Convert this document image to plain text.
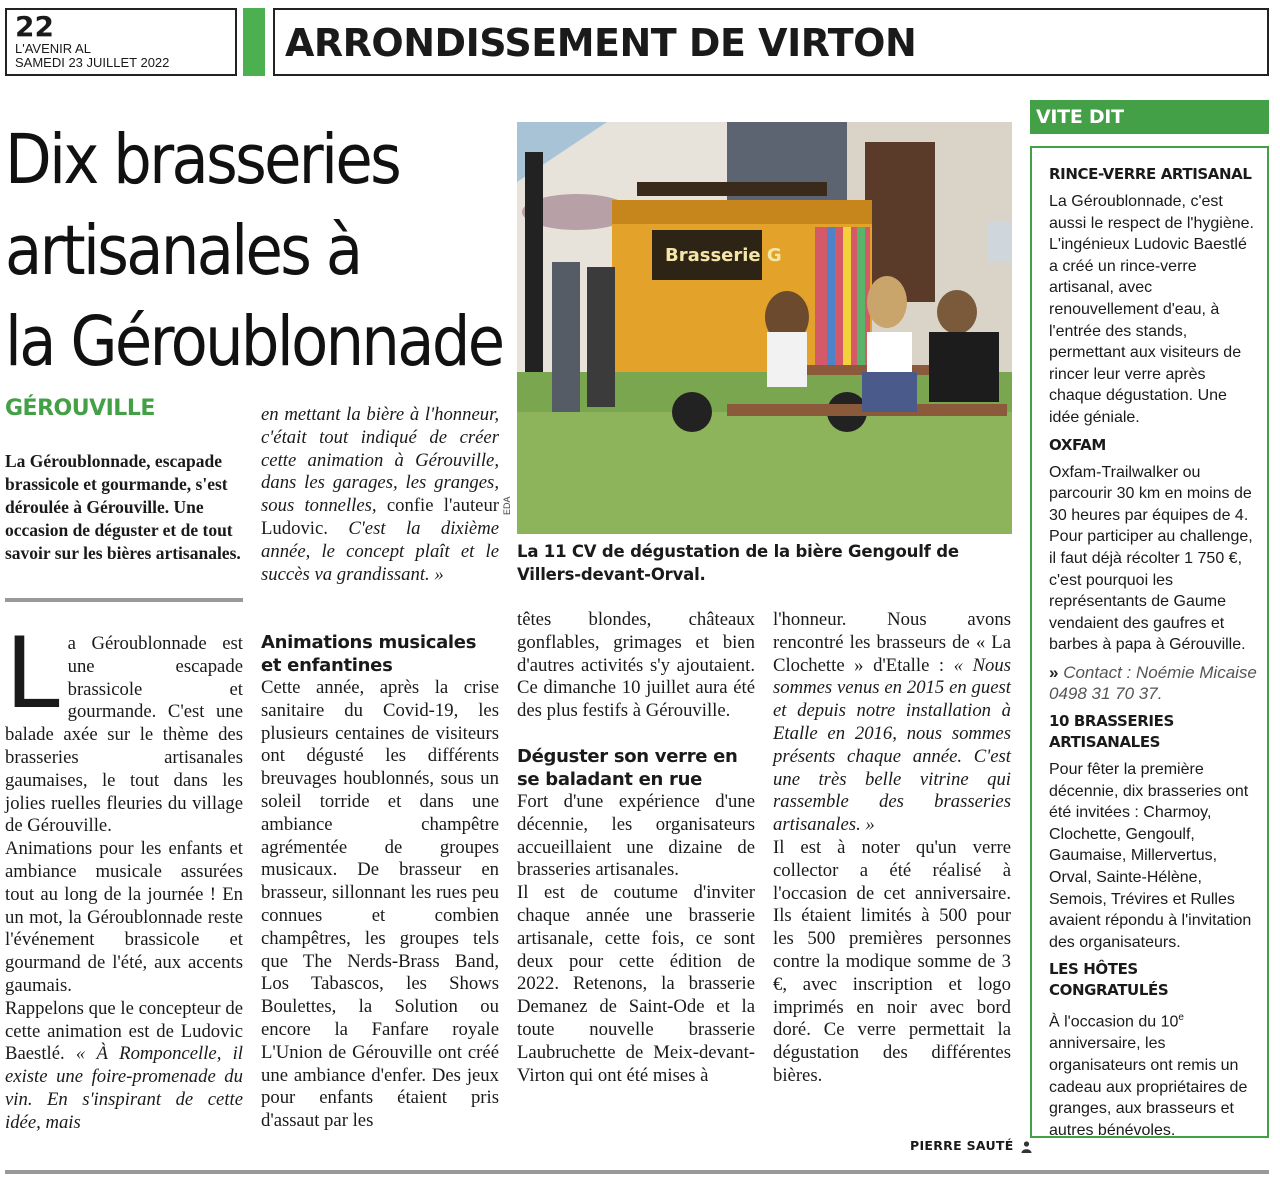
22
L'AVENIR AL
SAMEDI 23 JUILLET 2022	ARRONDISSEMENT DE VIRTON
Dix brasseries
artisanales à
la Géroublonnade
GÉROUVILLE
La Géroublonnade, escapade brassicole et gourmande, s'est déroulée à Gérouville. Une occasion de déguster et de tout savoir sur les bières artisanales.
Brasserie G
EDA
La 11 CV de dégustation de la bière Gengoulf de Villers-devant-Orval.
L a Géroublonnade est une escapade brassicole et gourmande. C'est une balade axée sur le thème des brasseries artisanales gaumaises, le tout dans les jolies ruelles fleuries du village de Gérouville.

Animations pour les enfants et ambiance musicale assurées tout au long de la journée ! En un mot, la Géroublonnade reste l'événement brassicole et gourmand de l'été, aux accents gaumais.

Rappelons que le concepteur de cette animation est de Ludovic Baestlé. « À Romponcelle, il existe une foire-promenade du vin. En s'inspirant de cette idée, mais

en mettant la bière à l'honneur, c'était tout indiqué de créer cette animation à Gérouville, dans les garages, les granges, sous tonnelles, confie l'auteur Ludovic. C'est la dixième année, le concept plaît et le succès va grandissant. »

Animations musicales et enfantines

Cette année, après la crise sanitaire du Covid-19, les plusieurs centaines de visiteurs ont dégusté les différents breuvages houblonnés, sous un soleil torride et dans une ambiance champêtre agrémentée de groupes musicaux. De brasseur en brasseur, sillonnant les rues peu connues et combien champêtres, les groupes tels que The Nerds-Brass Band, Los Tabascos, les Shows Boulettes, la Solution ou encore la Fanfare royale L'Union de Gérouville ont créé une ambiance d'enfer. Des jeux pour enfants étaient pris d'assaut par les

têtes blondes, châteaux gonflables, grimages et bien d'autres activités s'y ajoutaient. Ce dimanche 10 juillet aura été des plus festifs à Gérouville.

Déguster son verre en se baladant en rue

Fort d'une expérience d'une décennie, les organisateurs accueillaient une dizaine de brasseries artisanales.

Il est de coutume d'inviter chaque année une brasserie artisanale, cette fois, ce sont deux pour cette édition de 2022. Retenons, la brasserie Demanez de Saint-Ode et la toute nouvelle brasserie Laubruchette de Meix-devant-Virton qui ont été mises à

l'honneur. Nous avons rencontré les brasseurs de « La Clochette » d'Etalle : « Nous sommes venus en 2015 en guest et depuis notre installation à Etalle en 2016, nous sommes présents chaque année. C'est une très belle vitrine qui rassemble des brasseries artisanales. »

Il est à noter qu'un verre collector a été réalisé à l'occasion de cet anniversaire. Ils étaient limités à 500 pour les 500 premières personnes contre la modique somme de 3 €, avec inscription et logo imprimés en noir avec bord doré. Ce verre permettait la dégustation des différentes bières.

PIERRE SAUTÉ
VITE DIT
RINCE-VERRE ARTISANAL

La Géroublonnade, c'est aussi le respect de l'hygiène. L'ingénieux Ludovic Baestlé a créé un rince-verre artisanal, avec renouvellement d'eau, à l'entrée des stands, permettant aux visiteurs de rincer leur verre après chaque dégustation. Une idée géniale.

OXFAM

Oxfam-Trailwalker ou parcourir 30 km en moins de 30 heures par équipes de 4. Pour participer au challenge, il faut déjà récolter 1 750 €, c'est pourquoi les représentants de Gaume vendaient des gaufres et barbes à papa à Gérouville.

» Contact : Noémie Micaise 0498 31 70 37.

10 BRASSERIES ARTISANALES

Pour fêter la première décennie, dix brasseries ont été invitées : Charmoy, Clochette, Gengoulf, Gaumaise, Millervertus, Orval, Sainte-Hélène, Semois, Trévires et Rulles avaient répondu à l'invitation des organisateurs.

LES HÔTES CONGRATULÉS

À l'occasion du 10e anniversaire, les organisateurs ont remis un cadeau aux propriétaires de granges, aux brasseurs et autres bénévoles.
